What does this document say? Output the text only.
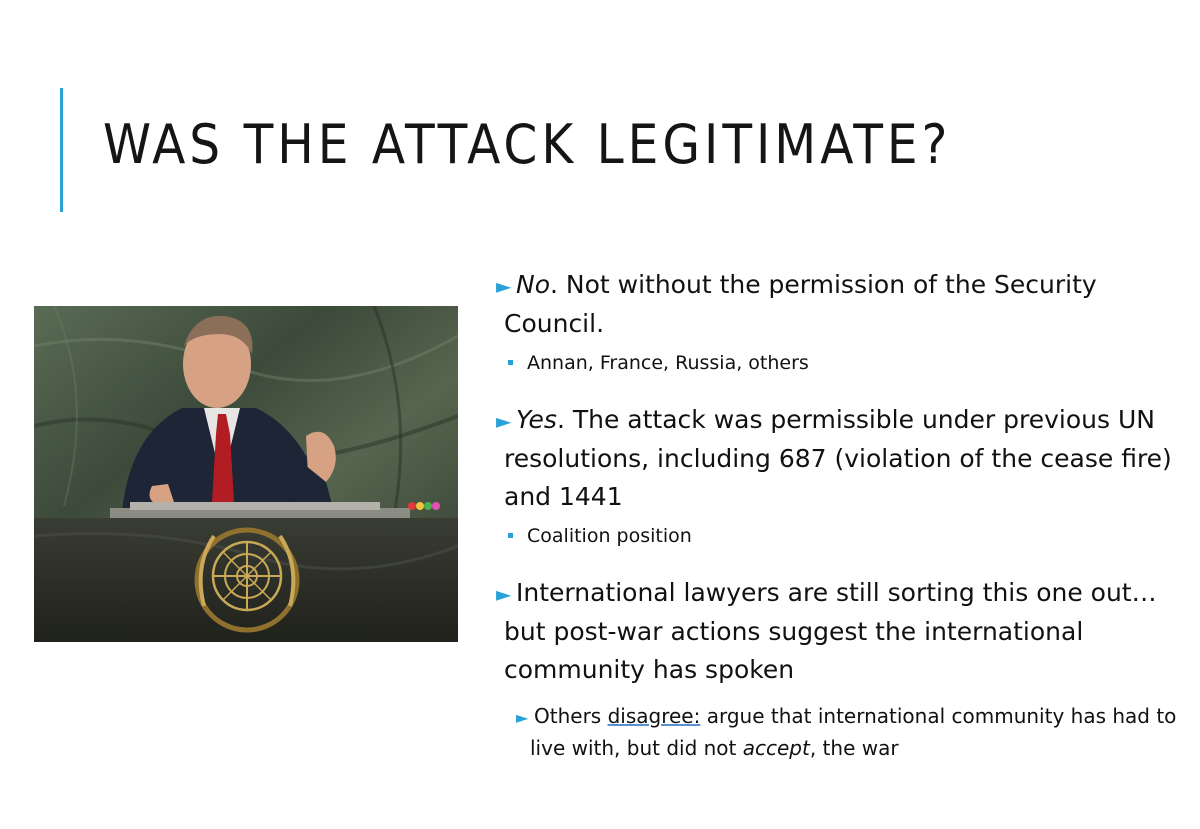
WAS THE ATTACK LEGITIMATE?

► No. Not without the permission of the Security Council.

Annan, France, Russia, others

► Yes. The attack was permissible under previous UN resolutions, including 687 (violation of the cease fire) and 1441

Coalition position

► International lawyers are still sorting this one out…but post-war actions suggest the international community has spoken

► Others disagree: argue that international community has had to live with, but did not accept, the war
